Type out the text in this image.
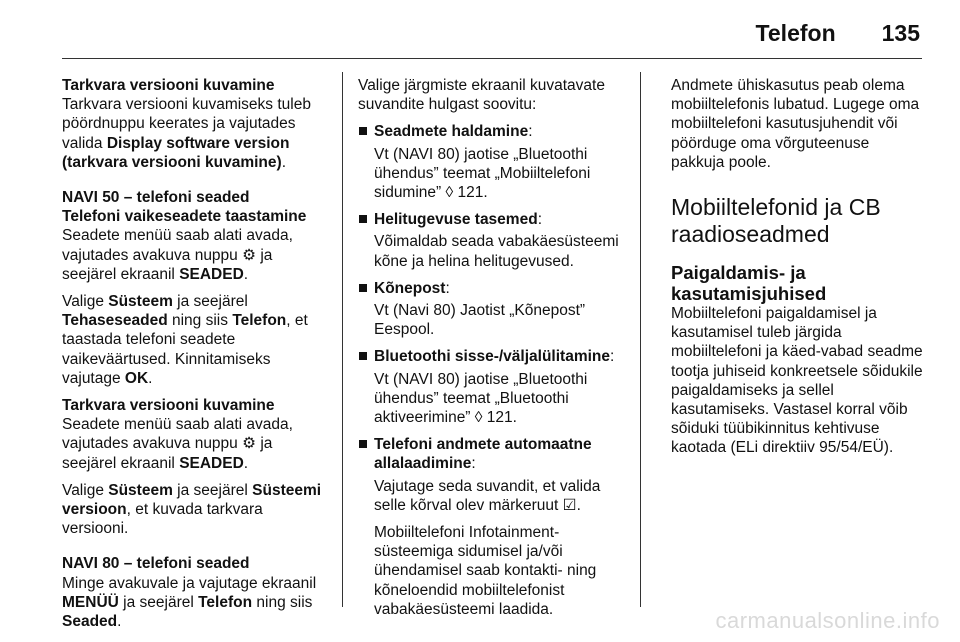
Telefon 135

Tarkvara versiooni kuvamine
Tarkvara versiooni kuvamiseks tuleb pöördnuppu keerates ja vajutades valida Display software version (tarkvara versiooni kuvamine).

NAVI 50 – telefoni seaded
Telefoni vaikeseadete taastamine
Seadete menüü saab alati avada, vajutades avakuva nuppu ⚙ ja seejärel ekraanil SEADED.

Valige Süsteem ja seejärel Tehaseseaded ning siis Telefon, et taastada telefoni seadete vaikeväärtused. Kinnitamiseks vajutage OK.

Tarkvara versiooni kuvamine
Seadete menüü saab alati avada, vajutades avakuva nuppu ⚙ ja seejärel ekraanil SEADED.

Valige Süsteem ja seejärel Süsteemi versioon, et kuvada tarkvara versiooni.

NAVI 80 – telefoni seaded
Minge avakuvale ja vajutage ekraanil MENÜÜ ja seejärel Telefon ning siis Seaded.

Valige järgmiste ekraanil kuvatavate suvandite hulgast soovitu:

Seadmete haldamine:

Vt (NAVI 80) jaotise „Bluetoothi ühendus” teemat „Mobiiltelefoni sidumine” ◊ 121.

Helitugevuse tasemed:

Võimaldab seada vabakäesüsteemi kõne ja helina helitugevused.

Kõnepost:

Vt (Navi 80) Jaotist „Kõnepost” Eespool.

Bluetoothi sisse-/väljalülitamine:

Vt (NAVI 80) jaotise „Bluetoothi ühendus” teemat „Bluetoothi aktiveerimine” ◊ 121.

Telefoni andmete automaatne allalaadimine:

Vajutage seda suvandit, et valida selle kõrval olev märkeruut ☑.

Mobiiltelefoni Infotainment-süsteemiga sidumisel ja/või ühendamisel saab kontakti- ning kõneloendid mobiiltelefonist vabakäesüsteemi laadida.

Andmete ühiskasutus peab olema mobiiltelefonis lubatud. Lugege oma mobiiltelefoni kasutusjuhendit või pöörduge oma võrguteenuse pakkuja poole.

Mobiiltelefonid ja CB raadioseadmed
Paigaldamis- ja kasutamisjuhised

Mobiiltelefoni paigaldamisel ja kasutamisel tuleb järgida mobiiltelefoni ja käed-vabad seadme tootja juhiseid konkreetsele sõidukile paigaldamiseks ja sellel kasutamiseks. Vastasel korral võib sõiduki tüübikinnitus kehtivuse kaotada (ELi direktiiv 95/54/EÜ).

carmanualsonline.info
